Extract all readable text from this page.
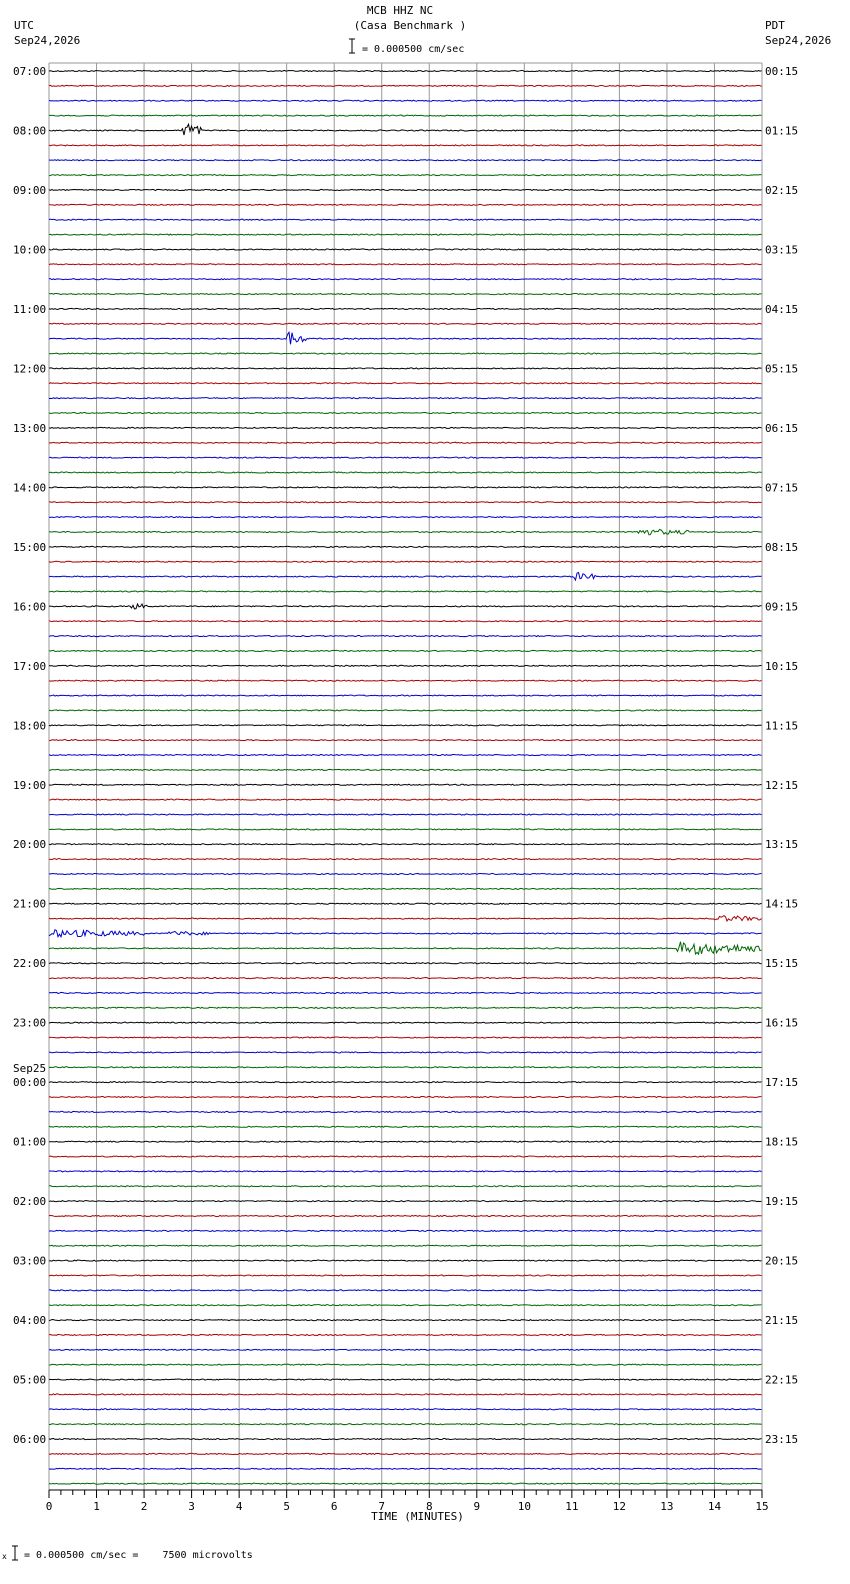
MCB HHZ NC
(Casa Benchmark )
UTC
Sep24,2026
PDT
Sep24,2026
= 0.000500 cm/sec
x = 0.000500 cm/sec =    7500 microvolts
0	1	2	3	4	5	6	7	8	9	10	11	12	13	14	15
TIME (MINUTES)
07:00
08:00
09:00
10:00
11:00
12:00
13:00
14:00
15:00
16:00
17:00
18:00
19:00
20:00
21:00
22:00
23:00
00:00
Sep25
01:00
02:00
03:00
04:00
05:00
06:00
00:15
01:15
02:15
03:15
04:15
05:15
06:15
07:15
08:15
09:15
10:15
11:15
12:15
13:15
14:15
15:15
16:15
17:15
18:15
19:15
20:15
21:15
22:15
23:15
